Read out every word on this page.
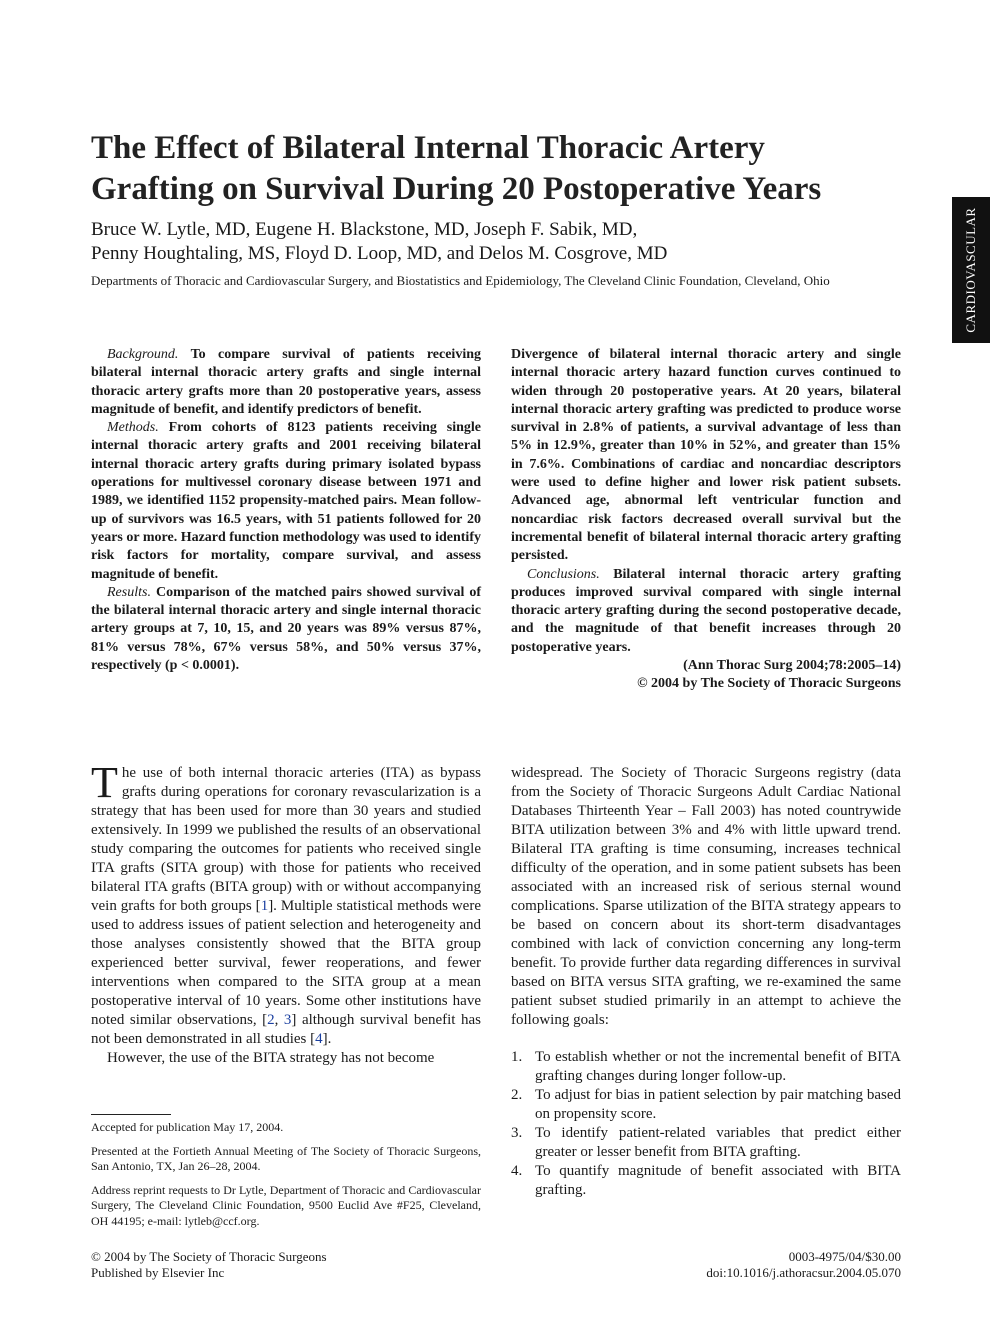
The Effect of Bilateral Internal Thoracic Artery
Grafting on Survival During 20 Postoperative Years
Bruce W. Lytle, MD, Eugene H. Blackstone, MD, Joseph F. Sabik, MD,
Penny Houghtaling, MS, Floyd D. Loop, MD, and Delos M. Cosgrove, MD
Departments of Thoracic and Cardiovascular Surgery, and Biostatistics and Epidemiology, The Cleveland Clinic Foundation, Cleveland, Ohio	CARDIOVASCULAR

Background. To compare survival of patients receiving bilateral internal thoracic artery grafts and single internal thoracic artery grafts more than 20 postoperative years, assess magnitude of benefit, and identify predictors of benefit.

Methods. From cohorts of 8123 patients receiving single internal thoracic artery grafts and 2001 receiving bilateral internal thoracic artery grafts during primary isolated bypass operations for multivessel coronary disease between 1971 and 1989, we identified 1152 propensity-matched pairs. Mean follow-up of survivors was 16.5 years, with 51 patients followed for 20 years or more. Hazard function methodology was used to identify risk factors for mortality, compare survival, and assess magnitude of benefit.

Results. Comparison of the matched pairs showed survival of the bilateral internal thoracic artery and single internal thoracic artery groups at 7, 10, 15, and 20 years was 89% versus 87%, 81% versus 78%, 67% versus 58%, and 50% versus 37%, respectively (p < 0.0001).

Divergence of bilateral internal thoracic artery and single internal thoracic artery hazard function curves continued to widen through 20 postoperative years. At 20 years, bilateral internal thoracic artery grafting was predicted to produce worse survival in 2.8% of patients, a survival advantage of less than 5% in 12.9%, greater than 10% in 52%, and greater than 15% in 7.6%. Combinations of cardiac and noncardiac descriptors were used to define higher and lower risk patient subsets. Advanced age, abnormal left ventricular function and noncardiac risk factors decreased overall survival but the incremental benefit of bilateral internal thoracic artery grafting persisted.

Conclusions. Bilateral internal thoracic artery grafting produces improved survival compared with single internal thoracic artery grafting during the second postoperative decade, and the magnitude of that benefit increases through 20 postoperative years.

(Ann Thorac Surg 2004;78:2005–14)

© 2004 by The Society of Thoracic Surgeons

The use of both internal thoracic arteries (ITA) as bypass grafts during operations for coronary revascularization is a strategy that has been used for more than 30 years and studied extensively. In 1999 we published the results of an observational study comparing the outcomes for patients who received single ITA grafts (SITA group) with those for patients who received bilateral ITA grafts (BITA group) with or without accompanying vein grafts for both groups [1]. Multiple statistical methods were used to address issues of patient selection and heterogeneity and those analyses consistently showed that the BITA group experienced better survival, fewer reoperations, and fewer interventions when compared to the SITA group at a mean postoperative interval of 10 years. Some other institutions have noted similar observations, [2, 3] although survival benefit has not been demonstrated in all studies [4].

However, the use of the BITA strategy has not become

Accepted for publication May 17, 2004.

Presented at the Fortieth Annual Meeting of The Society of Thoracic Surgeons, San Antonio, TX, Jan 26–28, 2004.

Address reprint requests to Dr Lytle, Department of Thoracic and Cardiovascular Surgery, The Cleveland Clinic Foundation, 9500 Euclid Ave #F25, Cleveland, OH 44195; e-mail: lytleb@ccf.org.

widespread. The Society of Thoracic Surgeons registry (data from the Society of Thoracic Surgeons Adult Cardiac National Databases Thirteenth Year – Fall 2003) has noted countrywide BITA utilization between 3% and 4% with little upward trend. Bilateral ITA grafting is time consuming, increases technical difficulty of the operation, and in some patient subsets has been associated with an increased risk of serious sternal wound complications. Sparse utilization of the BITA strategy appears to be based on concern about its short-term disadvantages combined with lack of conviction concerning any long-term benefit. To provide further data regarding differences in survival based on BITA versus SITA grafting, we re-examined the same patient subset studied primarily in an attempt to achieve the following goals:

1. To establish whether or not the incremental benefit of BITA grafting changes during longer follow-up.
2. To adjust for bias in patient selection by pair matching based on propensity score.
3. To identify patient-related variables that predict either greater or lesser benefit from BITA grafting.
4. To quantify magnitude of benefit associated with BITA grafting.
© 2004 by The Society of Thoracic Surgeons
Published by Elsevier Inc
0003-4975/04/$30.00
doi:10.1016/j.athoracsur.2004.05.070
